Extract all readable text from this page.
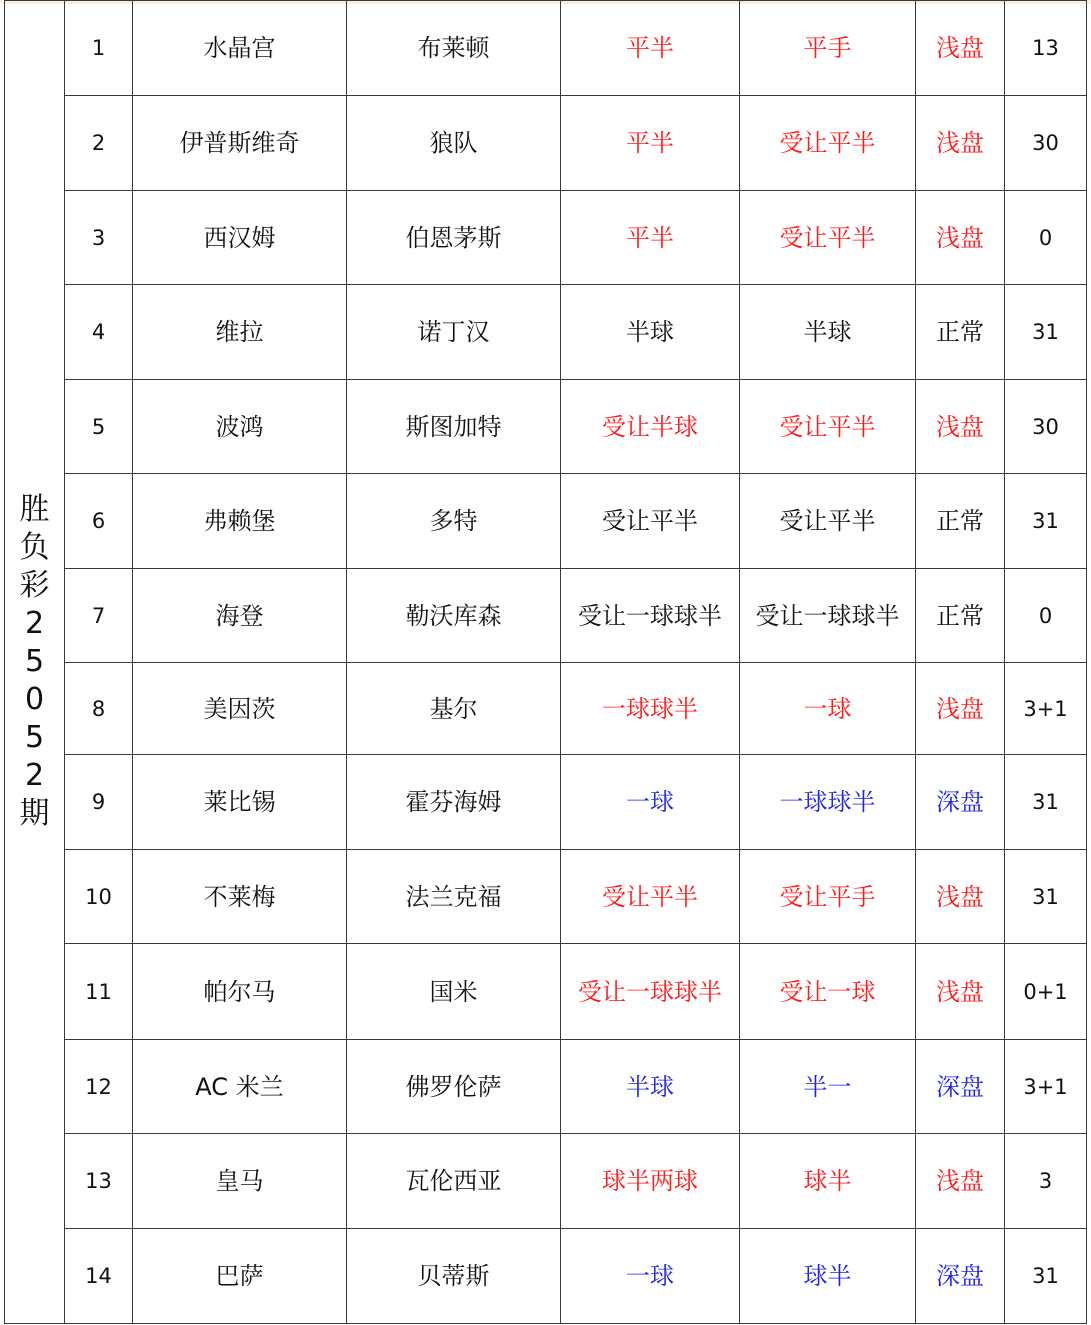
胜负彩25052期	1	水晶宫	布莱顿	平半	平手	浅盘	13
	2	伊普斯维奇	狼队	平半	受让平半	浅盘	30
	3	西汉姆	伯恩茅斯	平半	受让平半	浅盘	0
	4	维拉	诺丁汉	半球	半球	正常	31
	5	波鸿	斯图加特	受让半球	受让平半	浅盘	30
	6	弗赖堡	多特	受让平半	受让平半	正常	31
	7	海登	勒沃库森	受让一球球半	受让一球球半	正常	0
	8	美因茨	基尔	一球球半	一球	浅盘	3+1
	9	莱比锡	霍芬海姆	一球	一球球半	深盘	31
	10	不莱梅	法兰克福	受让平半	受让平手	浅盘	31
	11	帕尔马	国米	受让一球球半	受让一球	浅盘	0+1
	12	AC 米兰	佛罗伦萨	半球	半一	深盘	3+1
	13	皇马	瓦伦西亚	球半两球	球半	浅盘	3
	14	巴萨	贝蒂斯	一球	球半	深盘	31
